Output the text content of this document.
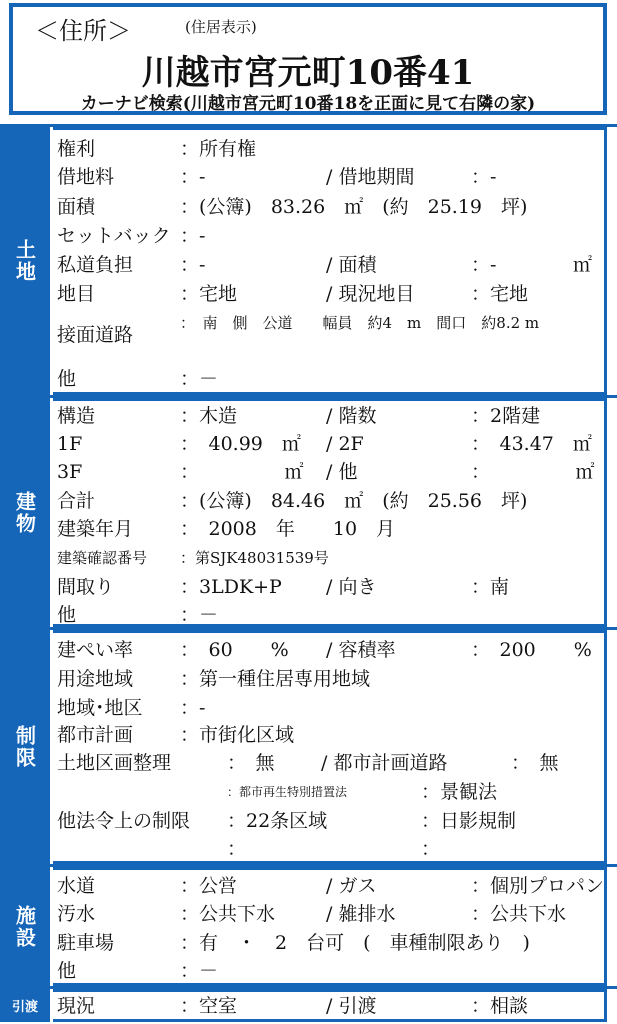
＜住所＞	(住居表示)
川越市宮元町10番41
カーナビ検索(川越市宮元町10番18を正面に見て右隣の家)
土地
権利	：所有権
借地料	：-	/ 借地期間	：-
面積	：(公簿)　83.26　㎡　(約　25.19　坪)
セットバック ：-
私道負担 ：-	/ 面積	：-	㎡
地目	：宅地	/ 現況地目	：宅地
接面道路
：　南　側　公道　　幅員　約4　m　間口　約8.2 m
他	：－
建物
構造	：木造	/ 階数	：2階建
1F	：　40.99　㎡ / 2F	：　43.47　㎡
3F	：　　　　　㎡ / 他	：　　　　　㎡
合計	：(公簿)　84.46　㎡　(約　25.56　坪)
建築年月 ：　2008　年　　10　月
建築確認番号 ：第SJK48031539号
間取り	：3LDK+P / 向き	：南
他	：－
制限
建ぺい率 ：　60　　% / 容積率	：　200　　%
用途地域 ：第一種住居専用地域
地域･地区 ：-
都市計画 ：市街化区域
土地区画整理	：　無 / 都市計画道路	：　無
：都市再生特別措置法	：景観法
他法令上の制限 ：22条区域	：日影規制
：	：
施設
水道	：公営	/ ガス	：個別プロパン
汚水	：公共下水	/ 雑排水	：公共下水
駐車場	：有　・　2　台可　(　車種制限あり　)
他	：－
引渡 現況	：空室	/ 引渡	：相談
